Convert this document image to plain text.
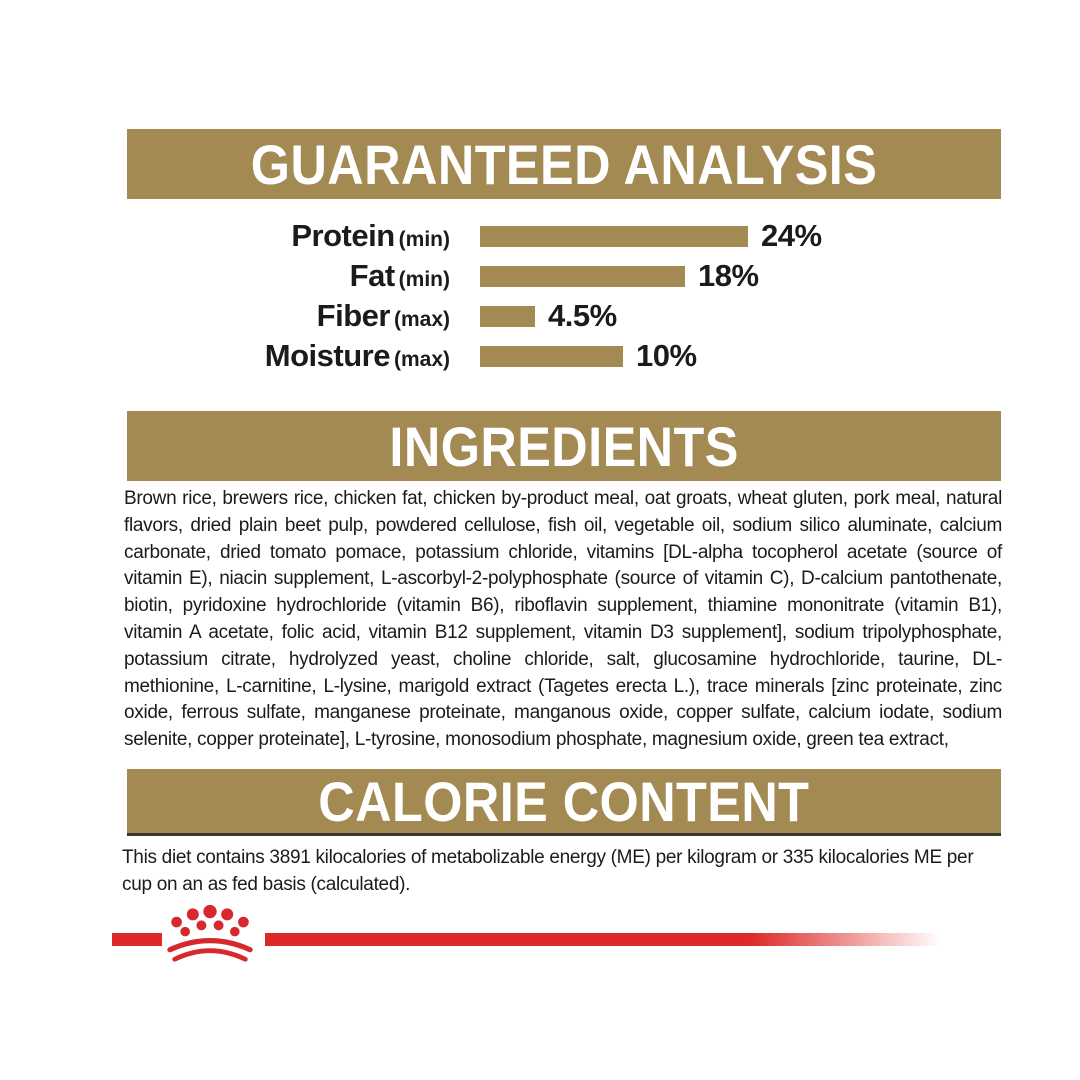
GUARANTEED ANALYSIS
Protein (min)	24%
Fat (min)	18%
Fiber (max)	4.5%
Moisture (max)	10%
INGREDIENTS

Brown rice, brewers rice, chicken fat, chicken by-product meal, oat groats, wheat gluten, pork meal, natural flavors, dried plain beet pulp, powdered cellulose, fish oil, vegetable oil, sodium silico aluminate, calcium carbonate, dried tomato pomace, potassium chloride, vitamins [DL-alpha tocopherol acetate (source of vitamin E), niacin supplement, L-ascorbyl-2-polyphosphate (source of vitamin C), D-calcium pantothenate, biotin, pyridoxine hydrochloride (vitamin B6), riboflavin supplement, thiamine mononitrate (vitamin B1), vitamin A acetate, folic acid, vitamin B12 supplement, vitamin D3 supplement], sodium tripolyphosphate, potassium citrate, hydrolyzed yeast, choline chloride, salt, glucosamine hydrochloride, taurine, DL-methionine, L-carnitine, L-lysine, marigold extract (Tagetes erecta L.), trace minerals [zinc proteinate, zinc oxide, ferrous sulfate, manganese proteinate, manganous oxide, copper sulfate, calcium iodate, sodium selenite, copper proteinate], L-tyrosine, monosodium phosphate, magnesium oxide, green tea extract,

CALORIE CONTENT

This diet contains 3891 kilocalories of metabolizable energy (ME) per kilogram or 335 kilocalories ME per cup on an as fed basis (calculated).
